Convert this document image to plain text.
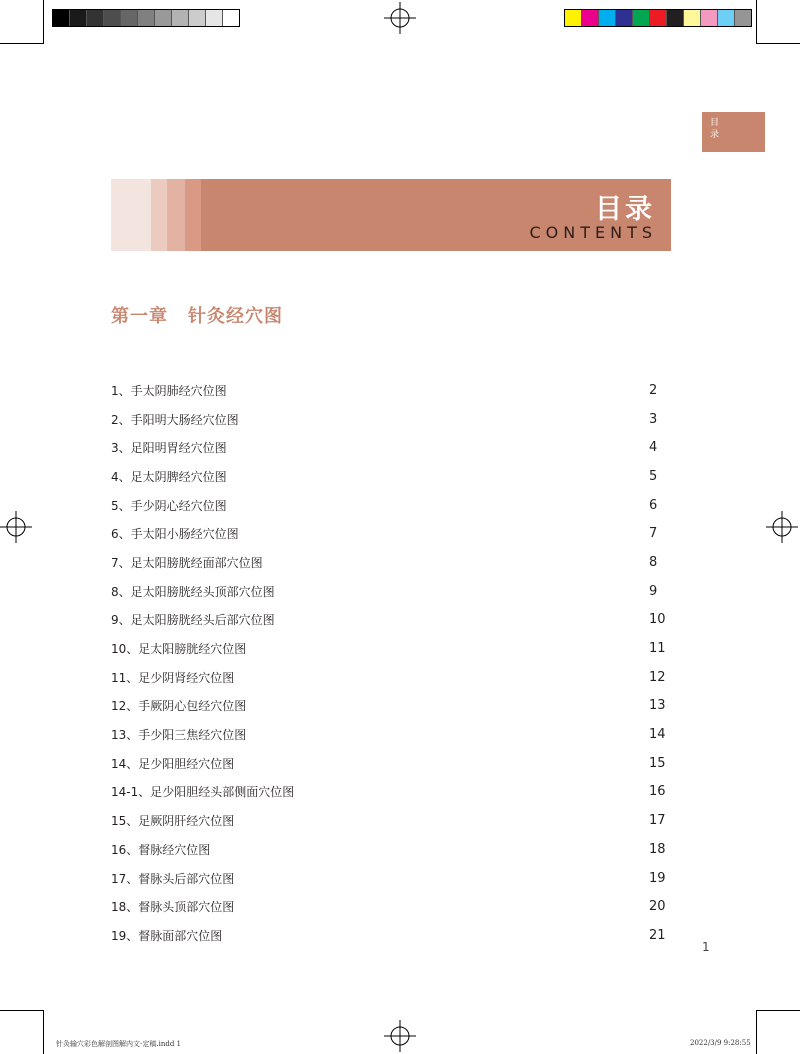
目
录
目录
CONTENTS
第一章 针灸经穴图
1、手太阴肺经穴位图	2
2、手阳明大肠经穴位图	3
3、足阳明胃经穴位图	4
4、足太阴脾经穴位图	5
5、手少阴心经穴位图	6
6、手太阳小肠经穴位图	7
7、足太阳膀胱经面部穴位图	8
8、足太阳膀胱经头顶部穴位图	9
9、足太阳膀胱经头后部穴位图	10
10、足太阳膀胱经穴位图	11
11、足少阴肾经穴位图	12
12、手厥阴心包经穴位图	13
13、手少阳三焦经穴位图	14
14、足少阳胆经穴位图	15
14-1、足少阳胆经头部侧面穴位图	16
15、足厥阴肝经穴位图	17
16、督脉经穴位图	18
17、督脉头后部穴位图	19
18、督脉头顶部穴位图	20
19、督脉面部穴位图	21
1
针灸输穴彩色解剖图解内文-定稿.indd 1	2022/3/9 9:28:55
